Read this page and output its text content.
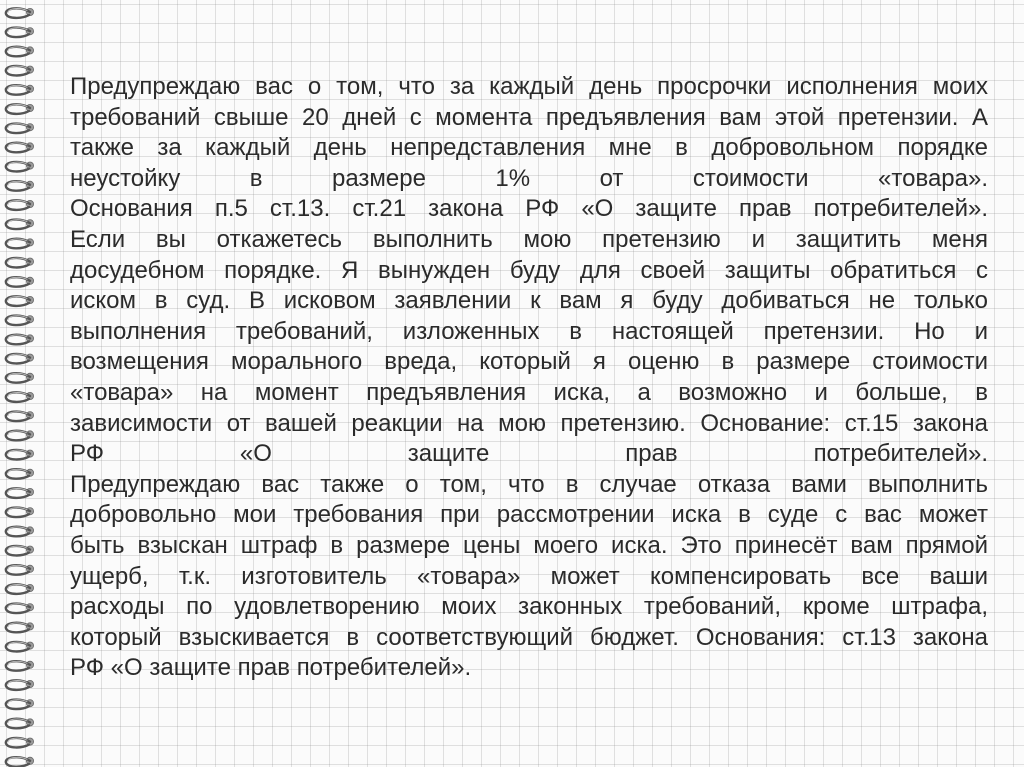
Предупреждаю вас о том, что за каждый день просрочки исполнения моих
требований свыше 20 дней с момента предъявления вам этой претензии. А
также за каждый день непредставления мне в добровольном порядке
неустойку в размере 1% от стоимости «товара».
Основания п.5 ст.13. ст.21 закона РФ «О защите прав потребителей».
Если вы откажетесь выполнить мою претензию и защитить меня
досудебном порядке. Я вынужден буду для своей защиты обратиться с
иском в суд. В исковом заявлении к вам я буду добиваться не только
выполнения требований, изложенных в настоящей претензии. Но и
возмещения морального вреда, который я оценю в размере стоимости
«товара» на момент предъявления иска, а возможно и больше, в
зависимости от вашей реакции на мою претензию. Основание: ст.15 закона
РФ «О защите прав потребителей».
Предупреждаю вас также о том, что в случае отказа вами выполнить
добровольно мои требования при рассмотрении иска в суде с вас может
быть взыскан штраф в размере цены моего иска. Это принесёт вам прямой
ущерб, т.к. изготовитель «товара» может компенсировать все ваши
расходы по удовлетворению моих законных требований, кроме штрафа,
который взыскивается в соответствующий бюджет. Основания: ст.13 закона
РФ «О защите прав потребителей».
